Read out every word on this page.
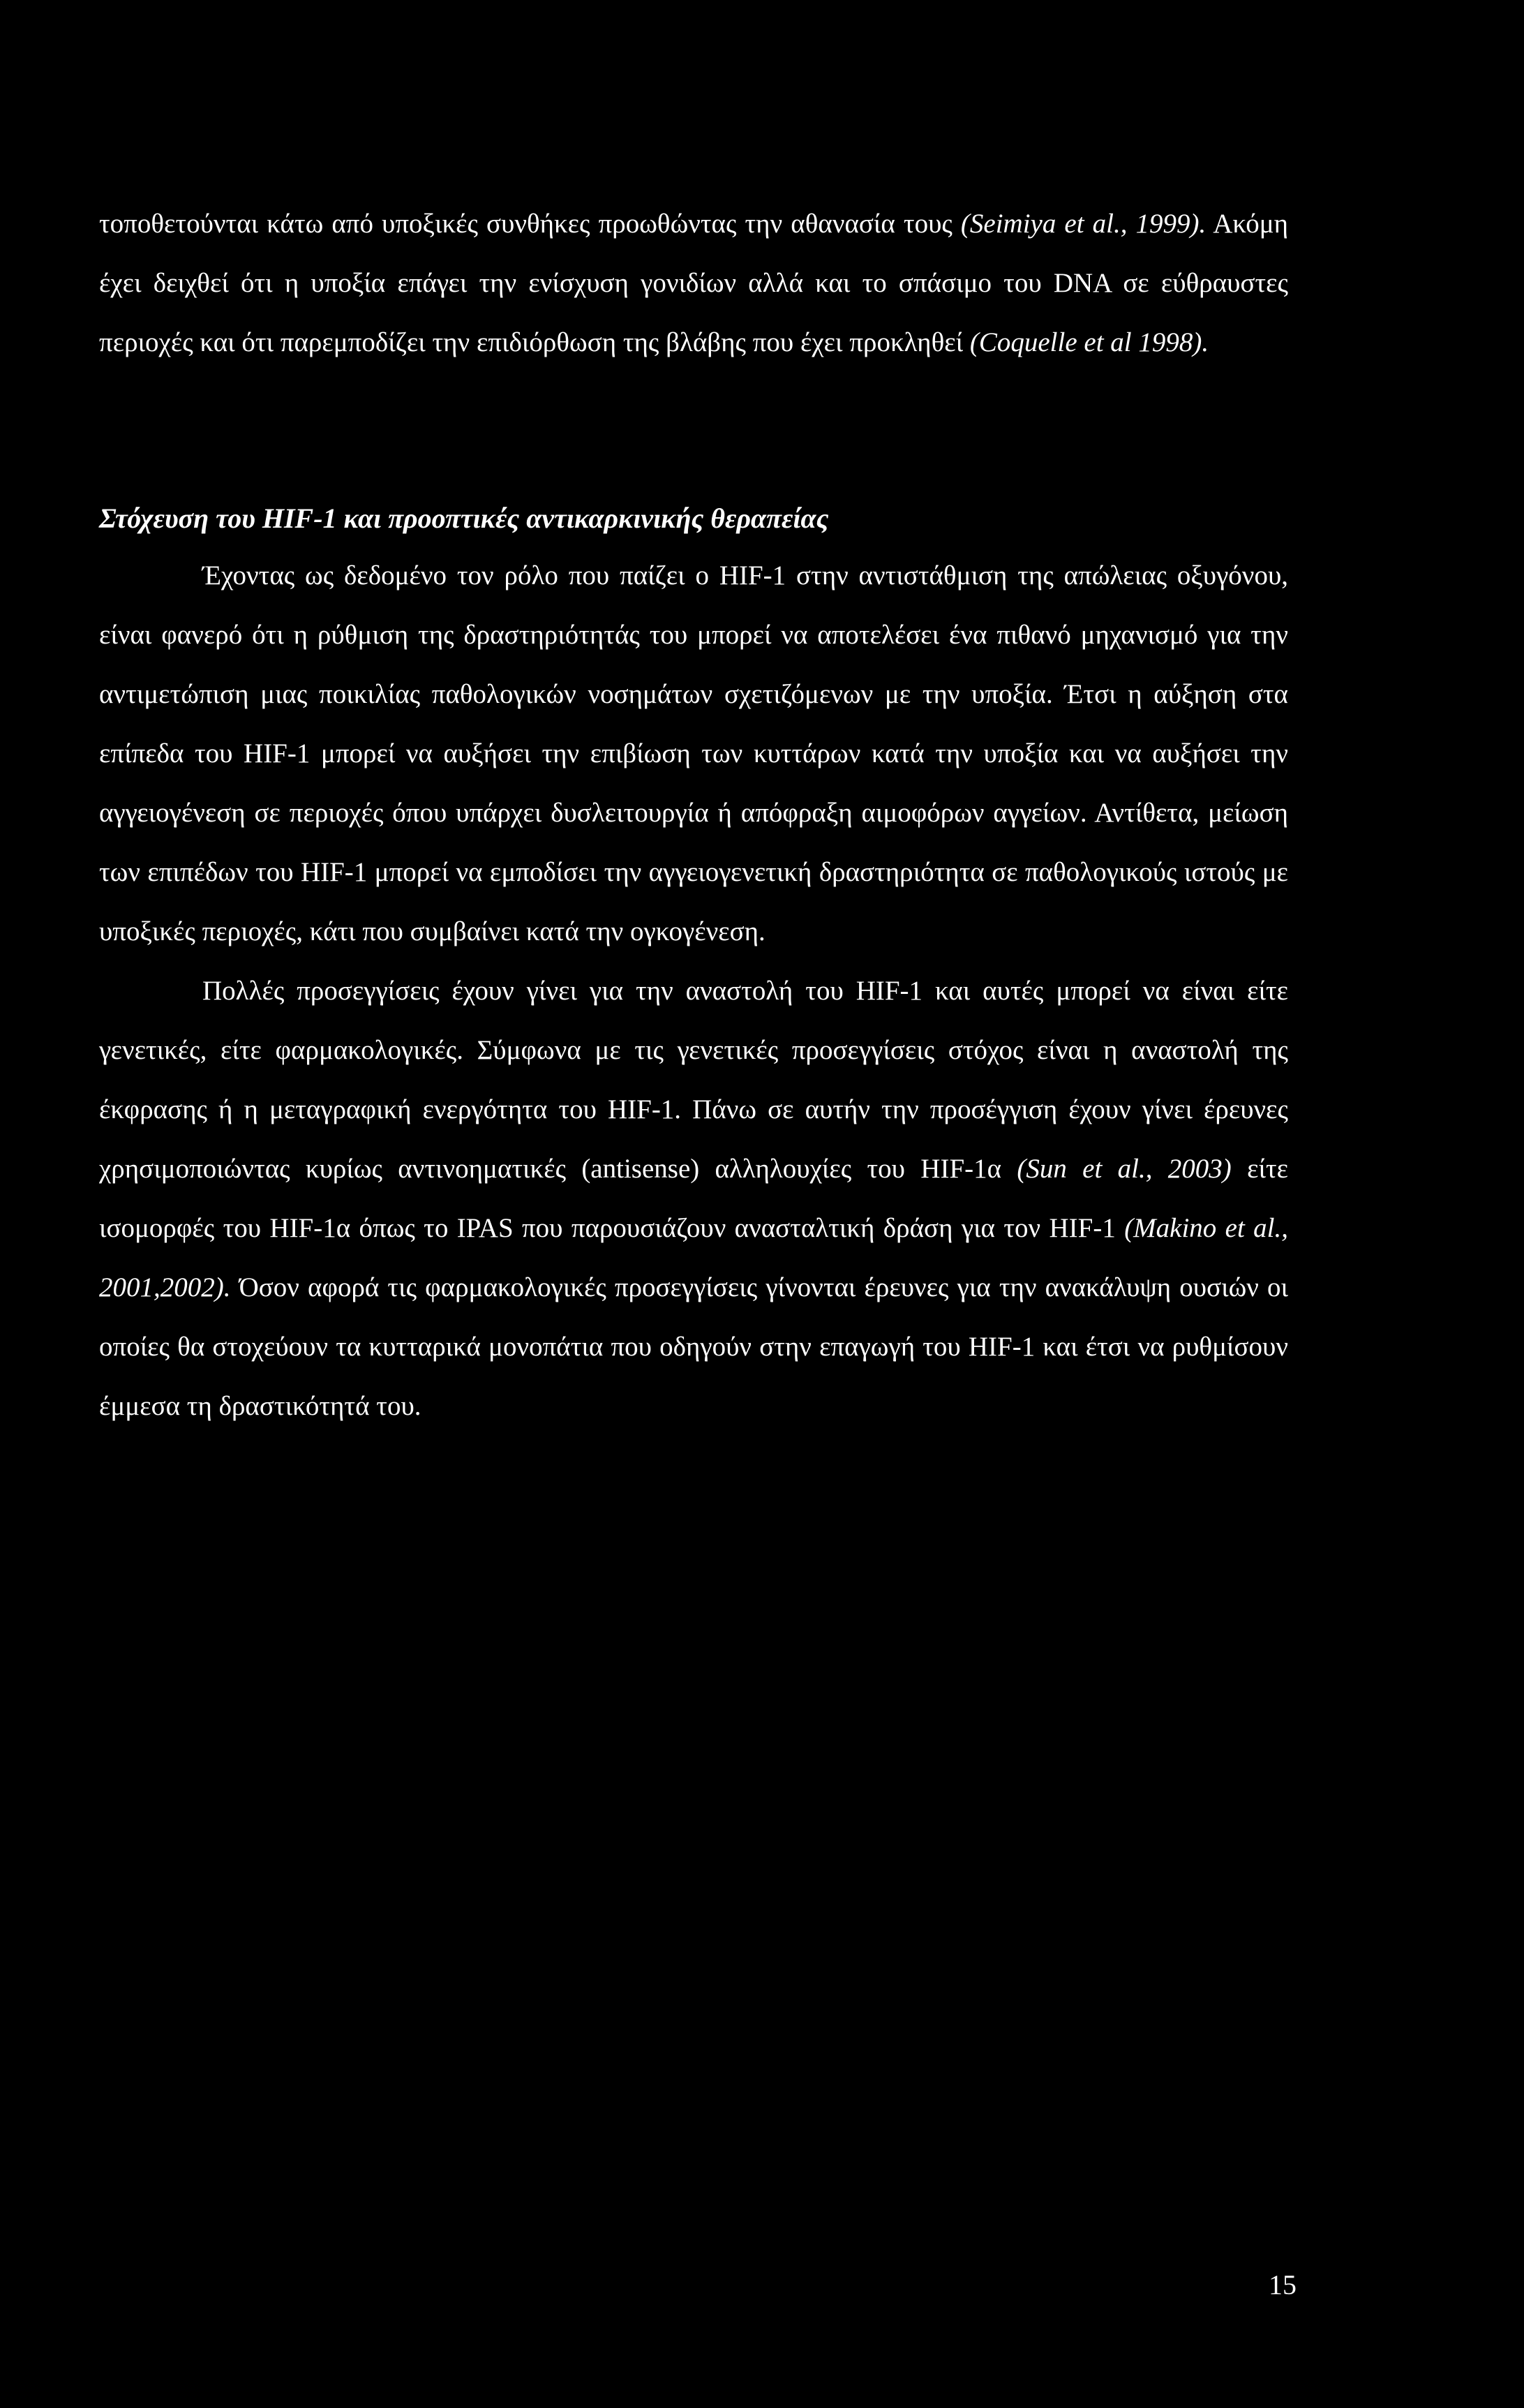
τοποθετούνται κάτω από υποξικές συνθήκες προωθώντας την αθανασία τους (Seimiya et al., 1999). Ακόμη έχει δειχθεί ότι η υποξία επάγει την ενίσχυση γονιδίων αλλά και το σπάσιμο του DNA σε εύθραυστες περιοχές και ότι παρεμποδίζει την επιδιόρθωση της βλάβης που έχει προκληθεί (Coquelle et al 1998).

Στόχευση του HIF-1 και προοπτικές αντικαρκινικής θεραπείας

Έχοντας ως δεδομένο τον ρόλο που παίζει ο HIF-1 στην αντιστάθμιση της απώλειας οξυγόνου, είναι φανερό ότι η ρύθμιση της δραστηριότητάς του μπορεί να αποτελέσει ένα πιθανό μηχανισμό για την αντιμετώπιση μιας ποικιλίας παθολογικών νοσημάτων σχετιζόμενων με την υποξία. Έτσι η αύξηση στα επίπεδα του HIF-1 μπορεί να αυξήσει την επιβίωση των κυττάρων κατά την υποξία και να αυξήσει την αγγειογένεση σε περιοχές όπου υπάρχει δυσλειτουργία ή απόφραξη αιμοφόρων αγγείων. Αντίθετα, μείωση των επιπέδων του HIF-1 μπορεί να εμποδίσει την αγγειογενετική δραστηριότητα σε παθολογικούς ιστούς με υποξικές περιοχές, κάτι που συμβαίνει κατά την ογκογένεση.

Πολλές προσεγγίσεις έχουν γίνει για την αναστολή του HIF-1 και αυτές μπορεί να είναι είτε γενετικές, είτε φαρμακολογικές. Σύμφωνα με τις γενετικές προσεγγίσεις στόχος είναι η αναστολή της έκφρασης ή η μεταγραφική ενεργότητα του HIF-1. Πάνω σε αυτήν την προσέγγιση έχουν γίνει έρευνες χρησιμοποιώντας κυρίως αντινοηματικές (antisense) αλληλουχίες του HIF-1α (Sun et al., 2003) είτε ισομορφές του HIF-1α όπως το IPAS που παρουσιάζουν ανασταλτική δράση για τον HIF-1 (Makino et al., 2001,2002). Όσον αφορά τις φαρμακολογικές προσεγγίσεις γίνονται έρευνες για την ανακάλυψη ουσιών οι οποίες θα στοχεύουν τα κυτταρικά μονοπάτια που οδηγούν στην επαγωγή του HIF-1 και έτσι να ρυθμίσουν έμμεσα τη δραστικότητά του.

15
